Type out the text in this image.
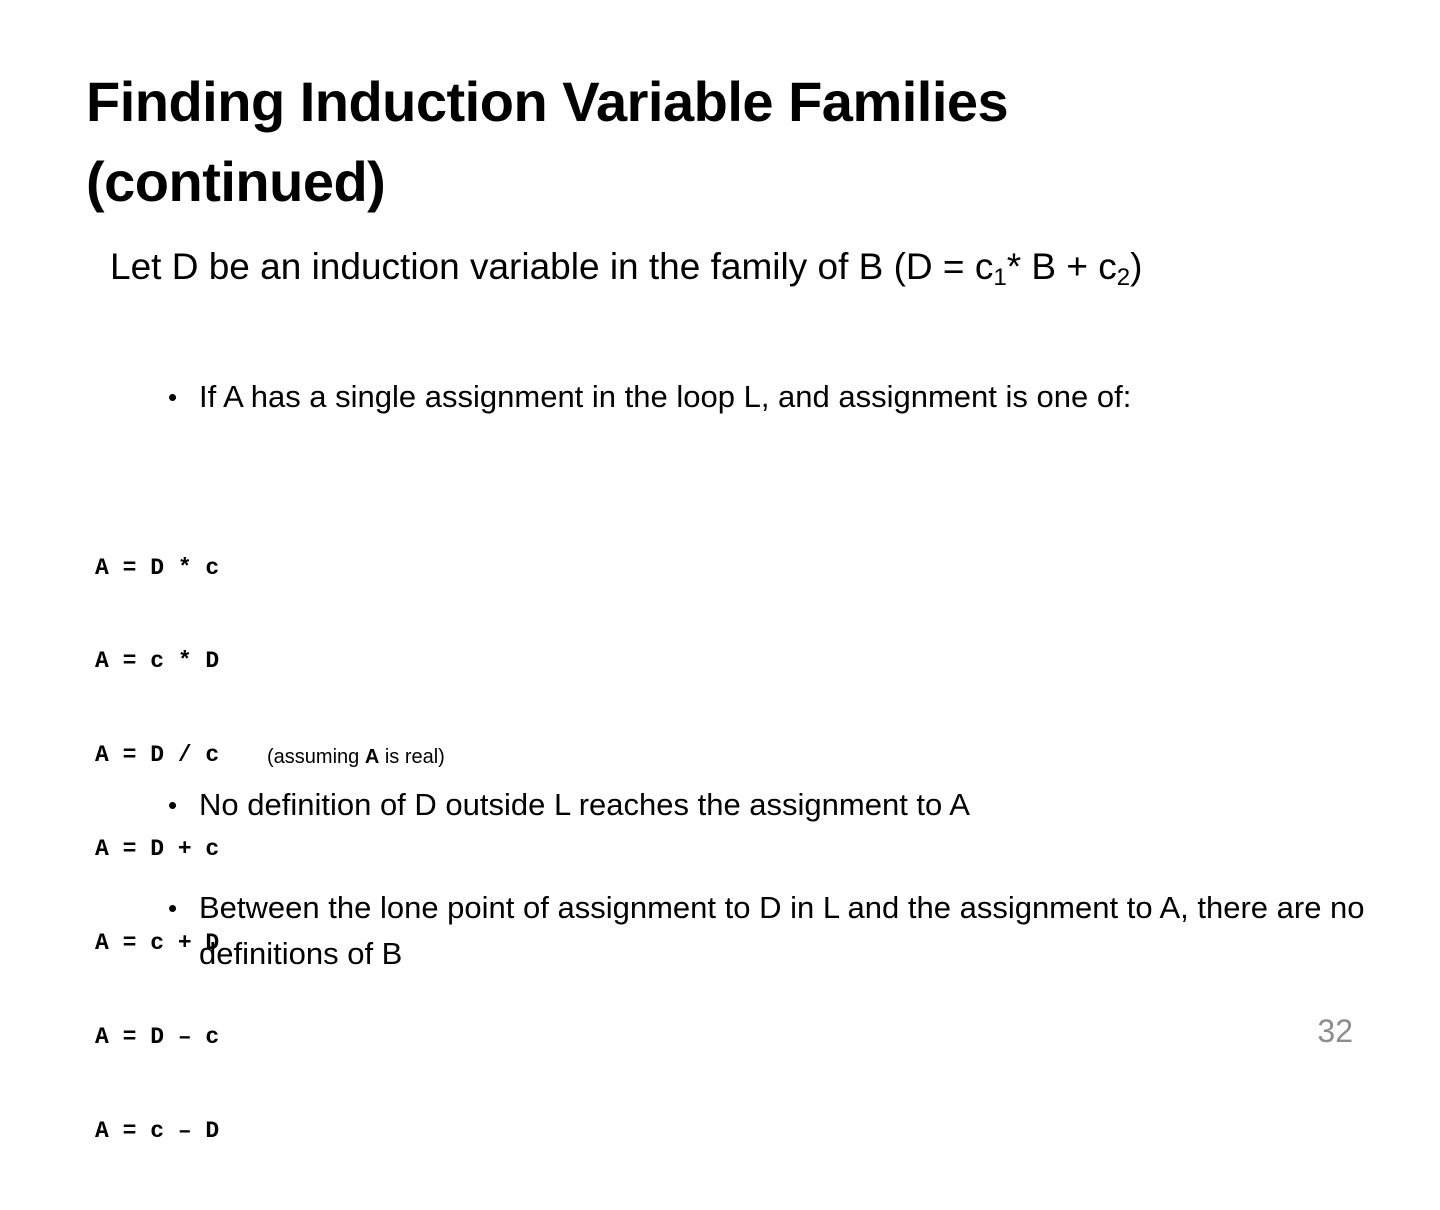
Finding Induction Variable Families
(continued)
Let D be an induction variable in the family of B ($D = c_1*$ $B + c_2$)
• If A has a single assignment in the loop L, and assignment is one of:

A = D * c

A = c * D

A = D / c (assuming A is real)

A = D + c

A = c + D

A = D – c

A = c – D

• No definition of D outside L reaches the assignment to A
• Between the lone point of assignment to D in L and the assignment to A, there are no definitions of B
32
